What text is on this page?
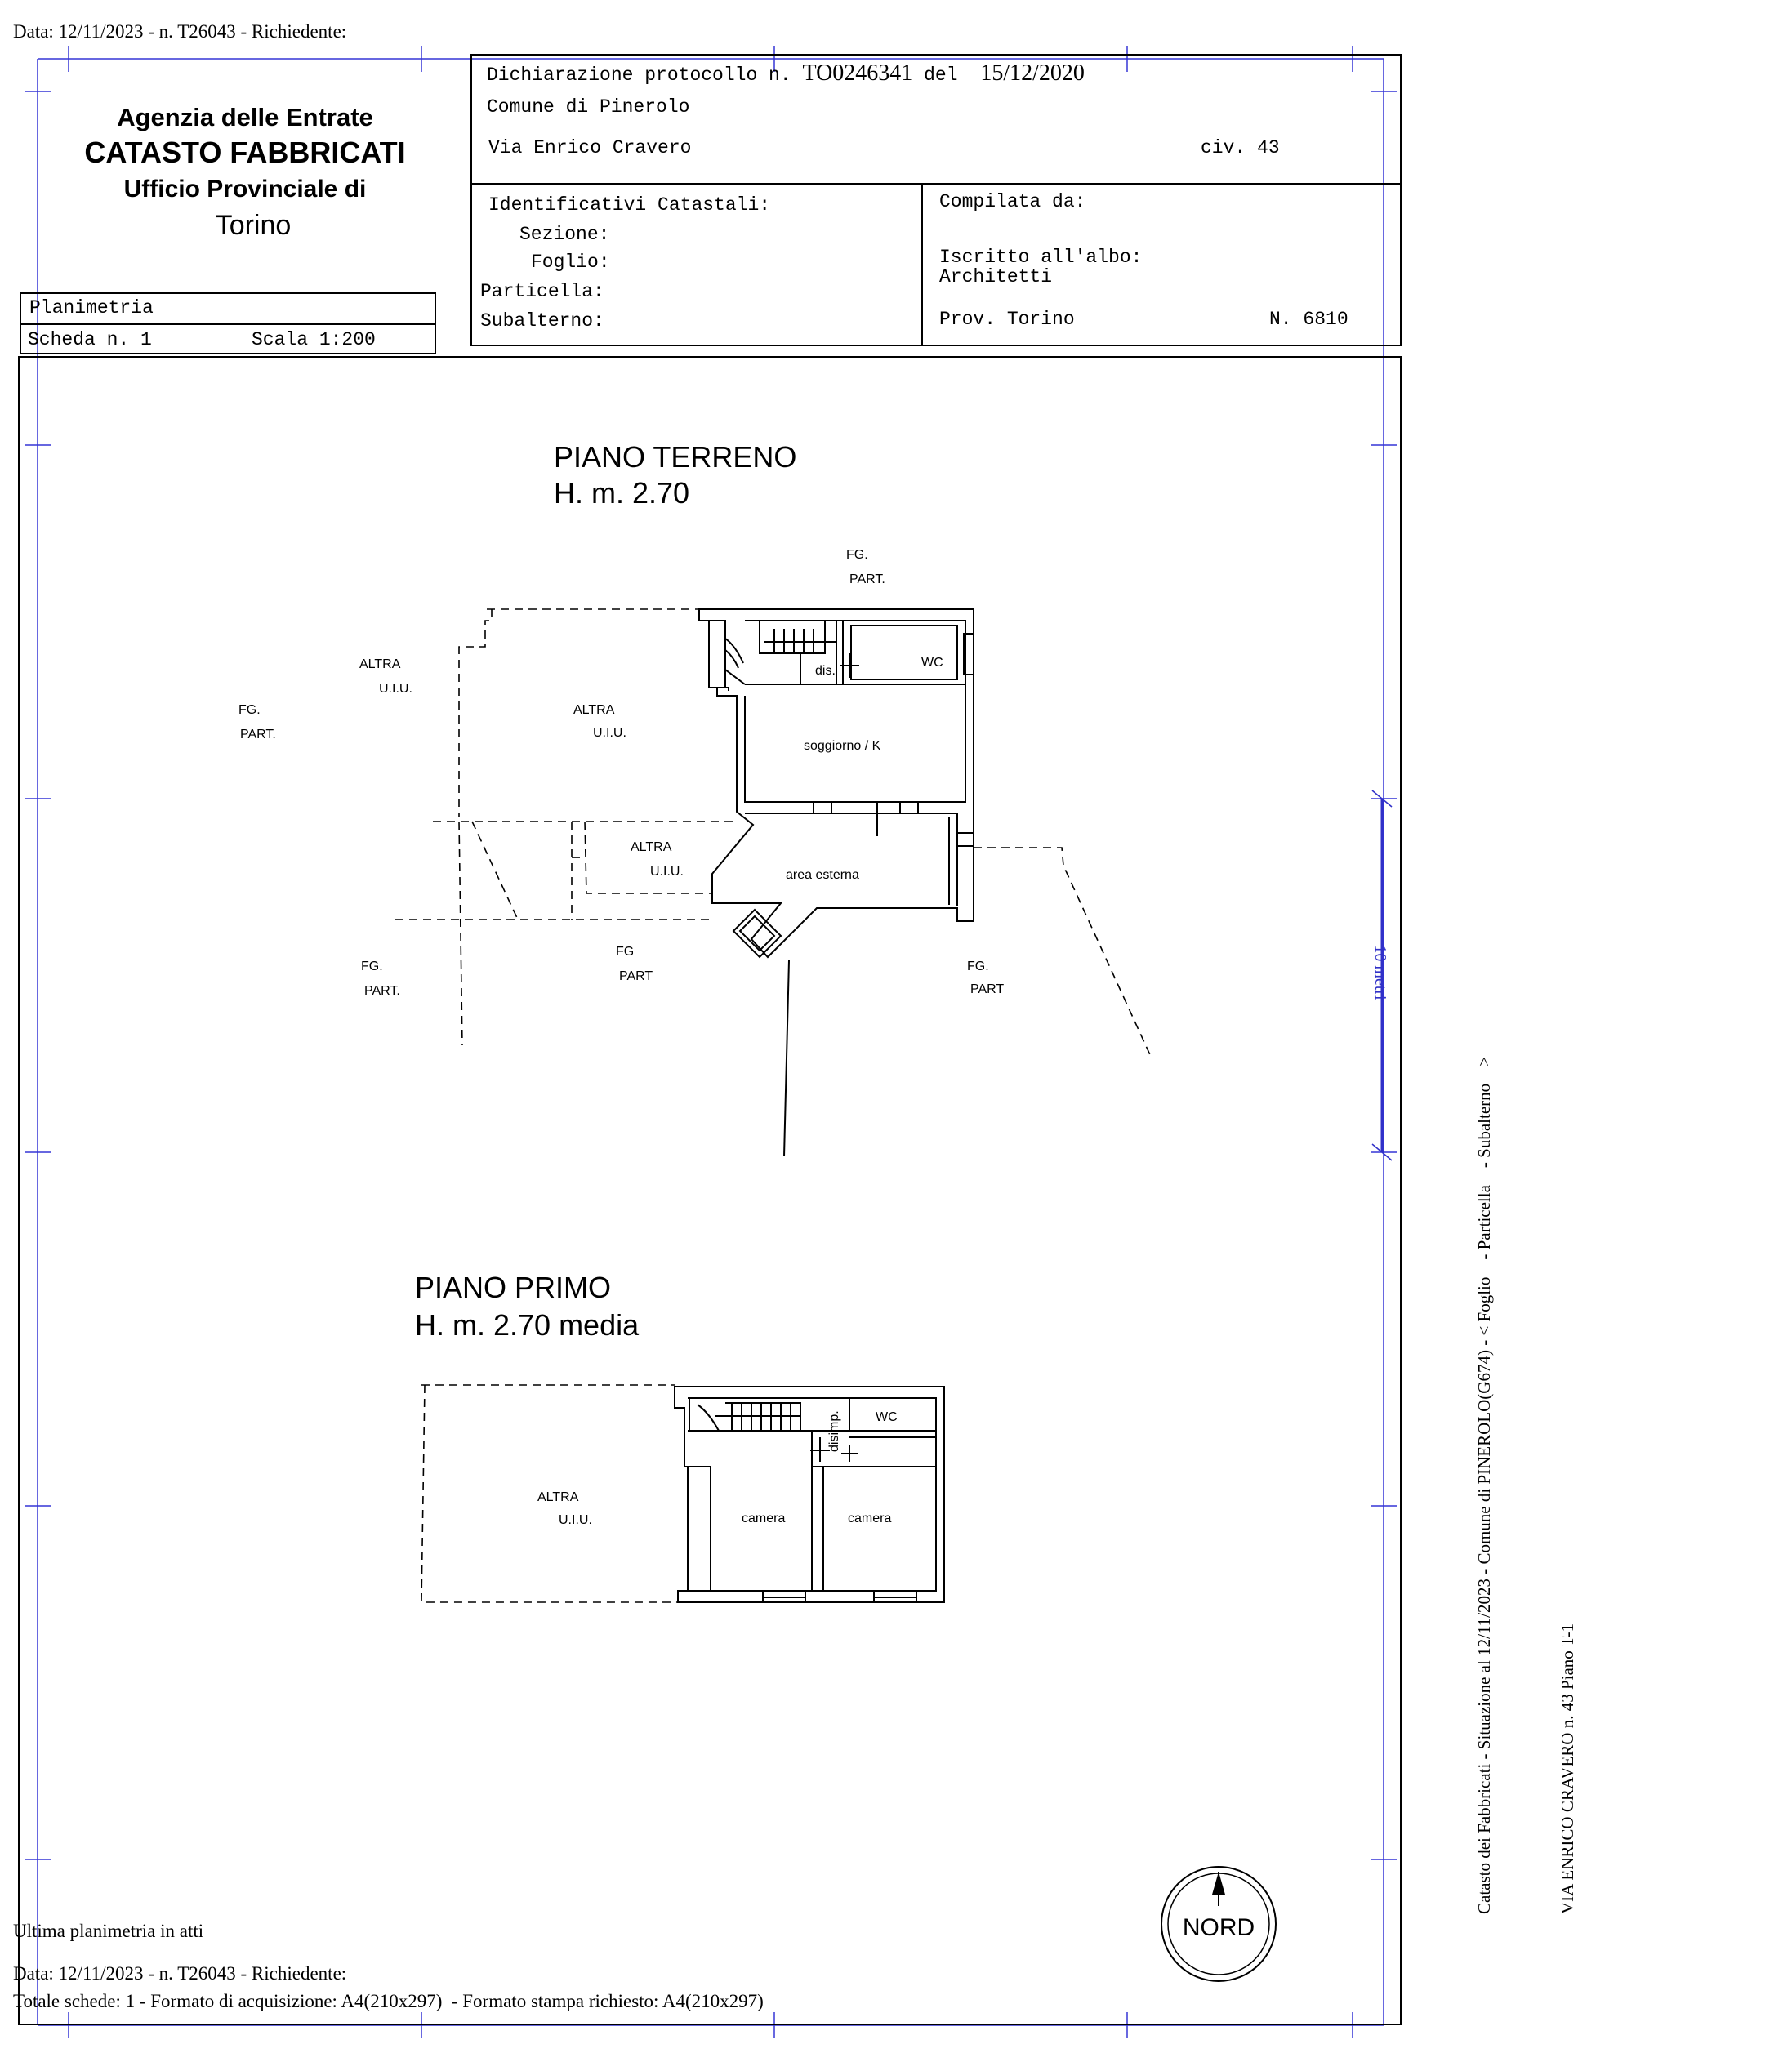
Data: 12/11/2023 - n. T26043 - Richiedente:
Agenzia delle Entrate
CATASTO FABBRICATI
Ufficio Provinciale di
Torino
Planimetria
Scheda n. 1	Scala 1:200
Dichiarazione protocollo n. TO0246341 del 15/12/2020
Comune di Pinerolo
Via Enrico Cravero	civ. 43
Identificativi Catastali:
Sezione:
Foglio:
Particella:
Subalterno:
Compilata da:
Iscritto all'albo:
Architetti
Prov. Torino	N. 6810
PIANO TERRENO
H. m. 2.70
PIANO PRIMO
H. m. 2.70 media
ALTRA
U.I.U.
FG.
PART.
ALTRA
U.I.U.
FG.
PART.
dis.
WC
soggiorno / K
ALTRA
U.I.U.	area esterna
FG.
PART.
FG
PART
FG.
PART
ALTRA
U.I.U.
WC
camera	camera
disimp.
NORD
10 metri

Catasto dei Fabbricati - Situazione al 12/11/2023 - Comune di PINEROLO(G674) - < Foglio    - Particella    - Subalterno    >

	VIA ENRICO CRAVERO n. 43 Piano T-1

Ultima planimetria in atti
Data: 12/11/2023 - n. T26043 - Richiedente:
Totale schede: 1 - Formato di acquisizione: A4(210x297)  - Formato stampa richiesto: A4(210x297)
